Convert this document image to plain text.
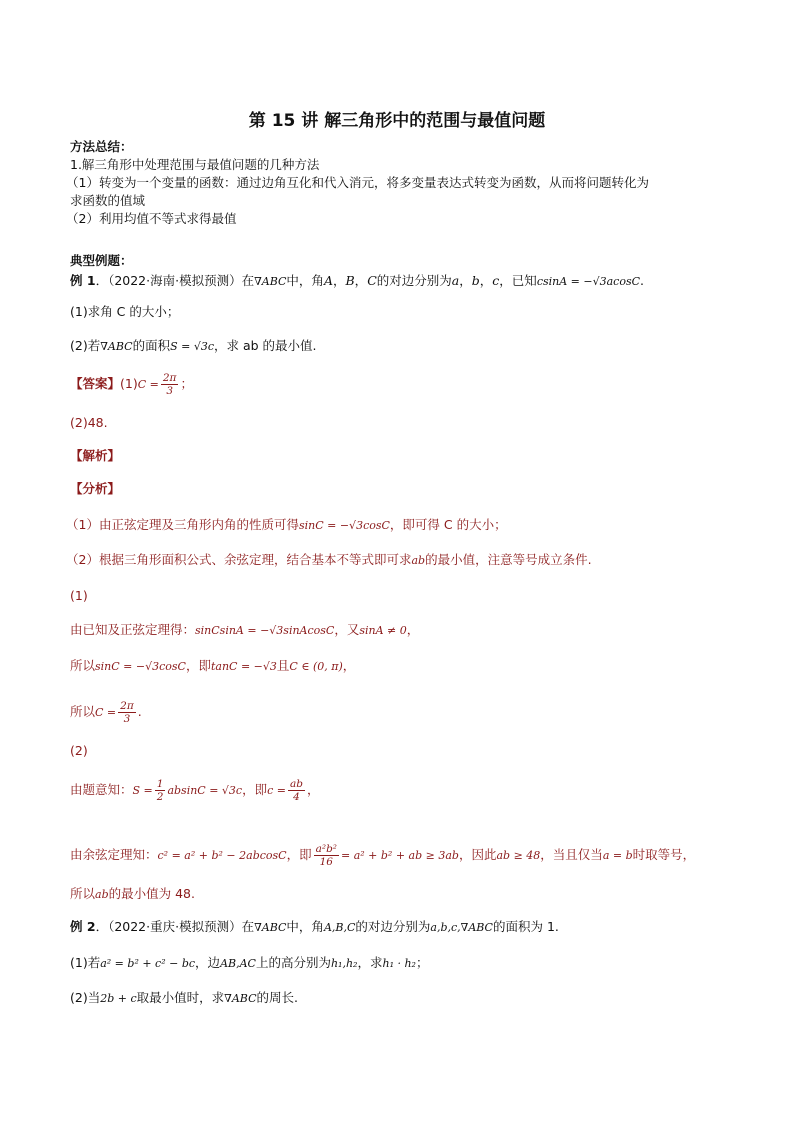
第 15 讲 解三角形中的范围与最值问题
方法总结：
1.解三角形中处理范围与最值问题的几种方法
（1）转变为一个变量的函数：通过边角互化和代入消元，将多变量表达式转变为函数，从而将问题转化为
求函数的值域
（2）利用均值不等式求得最值
典型例题：
例 1．（2022·海南·模拟预测）在∇ABC中，角A，B，C的对边分别为a，b，c，已知csinA = −√3acosC.
(1)求角 C 的大小；
(2)若∇ABC的面积S = √3c，求 ab 的最小值.
【答案】$(1)C = \frac{2\pi}{3}$ ；
(2)48.
【解析】
【分析】
（1）由正弦定理及三角形内角的性质可得sinC = −√3cosC，即可得 C 的大小；
（2）根据三角形面积公式、余弦定理，结合基本不等式即可求ab的最小值，注意等号成立条件.
(1)
由已知及正弦定理得：sinCsinA = −√3sinAcosC，又sinA ≠ 0，
所以sinC = −√3cosC，即tanC = −√3且C ∈ (0, π)，
所以$C = \frac{2\pi}{3}$ .
(2)
由题意知：$S = \frac{1}{2}$ absinC = √3c，即$c = \frac{ab}{4}$ ，
由余弦定理知：c² = a² + b² − 2abcosC，即 $\frac{\text{a²b²}}{16} = a^2 + b^2$ + ab ≥ 3ab，因此ab ≥ 48，当且仅当a = b时取等号，
所以ab的最小值为 48.
例 2．（2022·重庆·模拟预测）在∇ABC中，角A,B,C的对边分别为a,b,c,∇ABC的面积为 1.
(1)若a² = b² + c² − bc，边AB,AC上的高分别为h₁,h₂，求h₁ · h₂；
(2)当2b + c取最小值时，求∇ABC的周长.
